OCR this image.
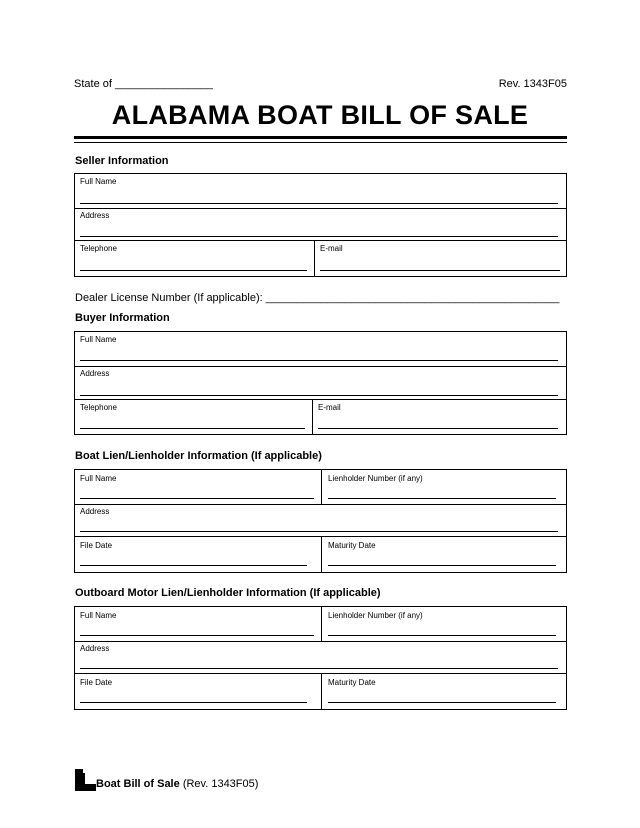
State of ________________	Rev. 1343F05
ALABAMA BOAT BILL OF SALE
Seller Information
Full Name
Address
Telephone	E-mail
Dealer License Number (If applicable): ________________________________________________
Buyer Information
Full Name
Address
Telephone	E-mail
Boat Lien/Lienholder Information (If applicable)
Full Name	Lienholder Number (if any)
Address
File Date	Maturity Date
Outboard Motor Lien/Lienholder Information (If applicable)
Full Name	Lienholder Number (if any)
Address
File Date	Maturity Date
Boat Bill of Sale (Rev. 1343F05)
